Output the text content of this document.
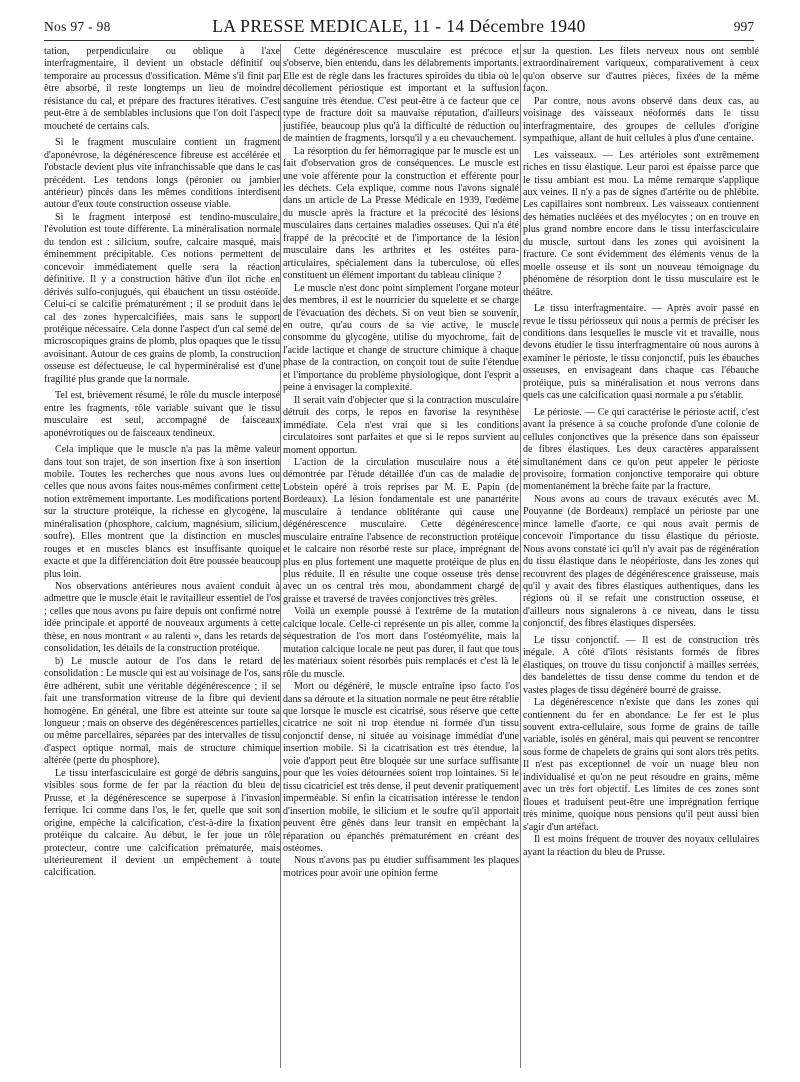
Nos 97 - 98	LA PRESSE MEDICALE, 11 - 14 Décembre 1940	997

tation, perpendiculaire ou oblique à l'axe interfragmentaire, il devient un obstacle définitif ou temporaire au processus d'ossification. Même s'il finit par être absorbé, il reste longtemps un lieu de moindre résistance du cal, et prépare des fractures itératives. C'est peut-être à de semblables inclusions que l'on doit l'aspect moucheté de certains cals.

Si le fragment musculaire contient un fragment d'aponévrose, la dégénérescence fibreuse est accélérée et l'obstacle devient plus vite infranchissable que dans le cas précédent. Les tendons longs (péronier ou jambier antérieur) pincés dans les mêmes conditions interdisent autour d'eux toute construction osseuse viable.

Si le fragment interposé est tendino-musculaire, l'évolution est toute différente. La minéralisation normale du tendon est : silicium, soufre, calcaire masqué, mais éminemment précipitable. Ces notions permettent de concevoir immédiatement quelle sera la réaction définitive. Il y a construction hâtive d'un ilot riche en dérivés sulfo-conjugués, qui ébauchent un tissu ostéoïde. Celui-ci se calcifie prématurément ; il se produit dans le cal des zones hypercalcifiées, mais sans le support protéique nécessaire. Cela donne l'aspect d'un cal semé de microscopiques grains de plomb, plus opaques que le tissu avoisinant. Autour de ces grains de plomb, la construction osseuse est défectueuse, le cal hyperminéralisé est d'une fragilité plus grande que la normale.

Tel est, brièvement résumé, le rôle du muscle interposé entre les fragments, rôle variable suivant que le tissu musculaire est seul, accompagné de faisceaux aponévrotiques ou de faisceaux tendineux.

Cela implique que le muscle n'a pas la même valeur dans tout son trajet, de son insertion fixe à son insertion mobile. Toutes les recherches que nous avons lues ou celles que nous avons faites nous-mêmes confirment cette notion extrêmement importante. Les modifications portent sur la structure protéique, la richesse en glycogène, la minéralisation (phosphore, calcium, magnésium, silicium, soufre). Elles montrent que la distinction en muscles rouges et en muscles blancs est insuffisante quoique exacte et que la différenciation doit être poussée beaucoup plus loin.

Nos observations antérieures nous avaient conduit à admettre que le muscle était le ravitailleur essentiel de l'os ; celles que nous avons pu faire depuis ont confirmé notre idée principale et apporté de nouveaux arguments à cette thèse, en nous montrant « au ralenti », dans les retards de consolidation, les détails de la construction protéique.

b) Le muscle autour de l'os dans le retard de consolidation : Le muscle qui est au voisinage de l'os, sans être adhérent, subit une véritable dégénérescence ; il se fait une transformation vitreuse de la fibre qui devient homogène. En général, une fibre est atteinte sur toute sa longueur ; mais on observe des dégénérescences partielles, ou même parcellaires, séparées par des intervalles de tissu d'aspect optique normal, mais de structure chimique altérée (perte du phosphore).

Le tissu interfasciculaire est gorgé de débris sanguins, visibles sous forme de fer par la réaction du bleu de Prusse, et la dégénérescence se superpose à l'invasion ferrique. Ici comme dans l'os, le fer, quelle que soit son origine, empêche la calcification, c'est-à-dire la fixation protéique du calcaire. Au début, le fer joue un rôle protecteur, contre une calcification prématurée, mais ultérieurement il devient un empêchement à toute calcification.

Cette dégénérescence musculaire est précoce et s'observe, bien entendu, dans les délabrements importants. Elle est de règle dans les fractures spiroïdes du tibia où le décollement périostique est important et la suffusion sanguine très étendue. C'est peut-être à ce facteur que ce type de fracture doit sa mauvaise réputation, d'ailleurs justifiée, beaucoup plus qu'à la difficulté de réduction ou de maintien de fragments, lorsqu'il y a eu chevauchement.

La résorption du fer hémorragique par le muscle est un fait d'observation gros de conséquences. Le muscle est une voie afférente pour la construction et efférente pour les déchets. Cela explique, comme nous l'avons signalé dans un article de La Presse Médicale en 1939, l'œdème du muscle après la fracture et la précocité des lésions musculaires dans certaines maladies osseuses. Qui n'a été frappé de la précocité et de l'importance de la lésion musculaire dans les arthrites et les ostéites para-articulaires, spécialement dans la tuberculose, où elles constituent un élément important du tableau clinique ?

Le muscle n'est donc point simplement l'organe moteur des membres, il est le nourricier du squelette et se charge de l'évacuation des déchets. Si on veut bien se souvenir, en outre, qu'au cours de sa vie active, le muscle consomme du glycogène, utilise du myochrome, fait de l'acide lactique et change de structure chimique à chaque phase de la contraction, on conçoit tout de suite l'étendue et l'importance du problème physiologique, dont l'esprit a peine à envisager la complexité.

Il serait vain d'objecter que si la contraction musculaire détruit des corps, le repos en favorise la resynthèse immédiate. Cela n'est vrai que si les conditions circulatoires sont parfaites et que si le repos survient au moment opportun.

L'action de la circulation musculaire nous a été démontrée par l'étude détaillée d'un cas de maladie de Lobstein opéré à trois reprises par M. E. Papin (de Bordeaux). La lésion fondamentale est une panartérite musculaire à tendance oblitérante qui cause une dégénérescence musculaire. Cette dégénérescence musculaire entraîne l'absence de reconstruction protéique et le calcaire non résorbé reste sur place, imprégnant de plus en plus fortement une maquette protéique de plus en plus réduite. Il en résulte une coque osseuse très dense avec un os central très mou, abondamment chargé de graisse et traversé de travées conjonctives très grêles.

Voilà un exemple poussé à l'extrême de la mutation calcique locale. Celle-ci représente un pis aller, comme la séquestration de l'os mort dans l'ostéomyélite, mais la mutation calcique locale ne peut pas durer, il faut que tous les matériaux soient résorbés puis remplacés et c'est là le rôle du muscle.

Mort ou dégénéré, le muscle entraîne ipso facto l'os dans sa déroute et la situation normale ne peut être rétablie que lorsque le muscle est cicatrisé, sous réserve que cette cicatrice ne soit ni trop étendue ni formée d'un tissu conjonctif dense, ni située au voisinage immédiat d'une insertion mobile. Si la cicatrisation est très étendue, la voie d'apport peut être bloquée sur une surface suffisante pour que les voies détournées soient trop lointaines. Si le tissu cicatriciel est très dense, il peut devenir pratiquement imperméable. Si enfin la cicatrisation intéresse le tendon d'insertion mobile, le silicium et le soufre qu'il apportait peuvent être gênés dans leur transit en empêchant la réparation ou épanchés prématurément en créant des ostéomes.

Nous n'avons pas pu étudier suffisamment les plaques motrices pour avoir une opinion ferme

sur la question. Les filets nerveux nous ont semblé extraordinairement variqueux, comparativement à ceux qu'on observe sur d'autres pièces, fixées de la même façon.

Par contre, nous avons observé dans deux cas, au voisinage des vaisseaux néoformés dans le tissu interfragmentaire, des groupes de cellules d'origine sympathique, allant de huit cellules à plus d'une centaine.

Les vaisseaux. — Les artérioles sont extrêmement riches en tissu élastique. Leur paroi est épaisse parce que le tissu ambiant est mou. La même remarque s'applique aux veines. Il n'y a pas de signes d'artérite ou de phlébite. Les capillaires sont nombreux. Les vaisseaux contiennent des hématies nucléées et des myélocytes ; on en trouve en plus grand nombre encore dans le tissu interfasciculaire du muscle, surtout dans les zones qui avoisinent la fracture. Ce sont évidemment des éléments venus de la moelle osseuse et ils sont un nouveau témoignage du phénomène de résorption dont le tissu musculaire est le théâtre.

Le tissu interfragmentaire. — Après avoir passé en revue le tissu périosseux qui nous a permis de préciser les conditions dans lesquelles le muscle vit et travaille, nous devons étudier le tissu interfragmentaire où nous aurons à examiner le périoste, le tissu conjonctif, puis les ébauches osseuses, en envisageant dans chaque cas l'ébauche protéique, puis sa minéralisation et nous verrons dans quels cas une calcification quasi normale a pu s'établir.

Le périoste. — Ce qui caractérise le périoste actif, c'est avant la présence à sa couche profonde d'une colonie de cellules conjonctives que la présence dans son épaisseur de fibres élastiques. Les deux caractères apparaissent simultanément dans ce qu'on peut appeler le périoste provisoire, formation conjonctive temporaire qui obture momentanément la brèche faite par la fracture.

Nous avons au cours de travaux exécutés avec M. Pouyanne (de Bordeaux) remplacé un périoste par une mince lamelle d'aorte, ce qui nous avait permis de concevoir l'importance du tissu élastique du périoste. Nous avons constaté ici qu'il n'y avait pas de régénération du tissu élastique dans le néopérioste, dans les zones qui recouvrent des plages de dégénérescence graisseuse, mais qu'il y avait des fibres élastiques authentiques, dans les régions où il se refait une construction osseuse, et d'ailleurs nous signalerons à ce niveau, dans le tissu conjonctif, des fibres élastiques dispersées.

Le tissu conjonctif. — Il est de construction très inégale. A côté d'îlots résistants formés de fibres élastiques, on trouve du tissu conjonctif à mailles serrées, des bandelettes de tissu dense comme du tendon et de vastes plages de tissu dégénéré bourré de graisse.

La dégénérescence n'existe que dans les zones qui contiennent du fer en abondance. Le fer est le plus souvent extra-cellulaire, sous forme de grains de taille variable, isolés en général, mais qui peuvent se rencontrer sous forme de chapelets de grains qui sont alors très petits. Il n'est pas exceptionnel de voir un nuage bleu non individualisé et qu'on ne peut résoudre en grains, même avec un très fort objectif. Les limites de ces zones sont floues et traduisent peut-être une imprégnation ferrique très minime, quoique nous pensions qu'il peut aussi bien s'agir d'un artéfact.

Il est moins fréquent de trouver des noyaux cellulaires ayant la réaction du bleu de Prusse.
